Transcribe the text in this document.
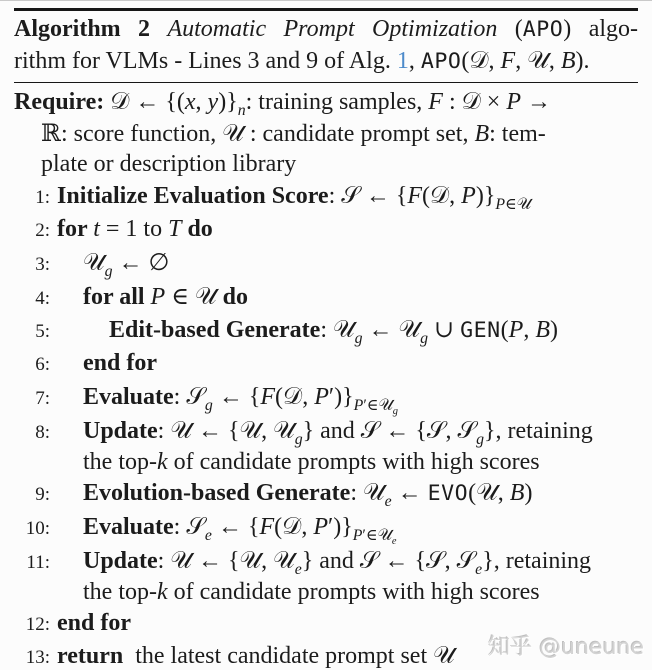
Algorithm 2 Automatic Prompt Optimization (APO) algo-
rithm for VLMs - Lines 3 and 9 of Alg. 1, APO(𝒟, F, 𝒰, B).
Require: 𝒟 ← {(x, $y)\}_n$: training samples, F : 𝒟 × P →
ℝ: score function, 𝒰 : candidate prompt set, B: tem-
plate or description library
1: Initialize Evaluation Score: 𝒮 ← {F(𝒟, $P)\}_{P\in 𝒰}$
2: for t = 1 to T do
3:	𝒰$_g$ ← ∅
4:	for all P ∈ 𝒰 do
5:	Edit-based Generate: 𝒰$_g$ ← 𝒰$_g$ ∪ GEN(P, B)
6:	end for
7:	Evaluate: 𝒮$_g$ ← {F(𝒟, $P')\}_{P'\in 𝒰_g}$
8:	Update: 𝒰 ← {𝒰, 𝒰$_g$} and 𝒮 ← {𝒮, 𝒮$_g$}, retaining
the top-k of candidate prompts with high scores
9:	Evolution-based Generate: 𝒰$_e$ ← EVO(𝒰, B)
10:	Evaluate: 𝒮$_e$ ← {F(𝒟, $P')\}_{P'\in 𝒰_e}$
11:	Update: 𝒰 ← {𝒰, 𝒰$_e$} and 𝒮 ← {𝒮, 𝒮$_e$}, retaining
the top-k of candidate prompts with high scores
12: end for
13: return the latest candidate prompt set 𝒰 知乎 @uneune
